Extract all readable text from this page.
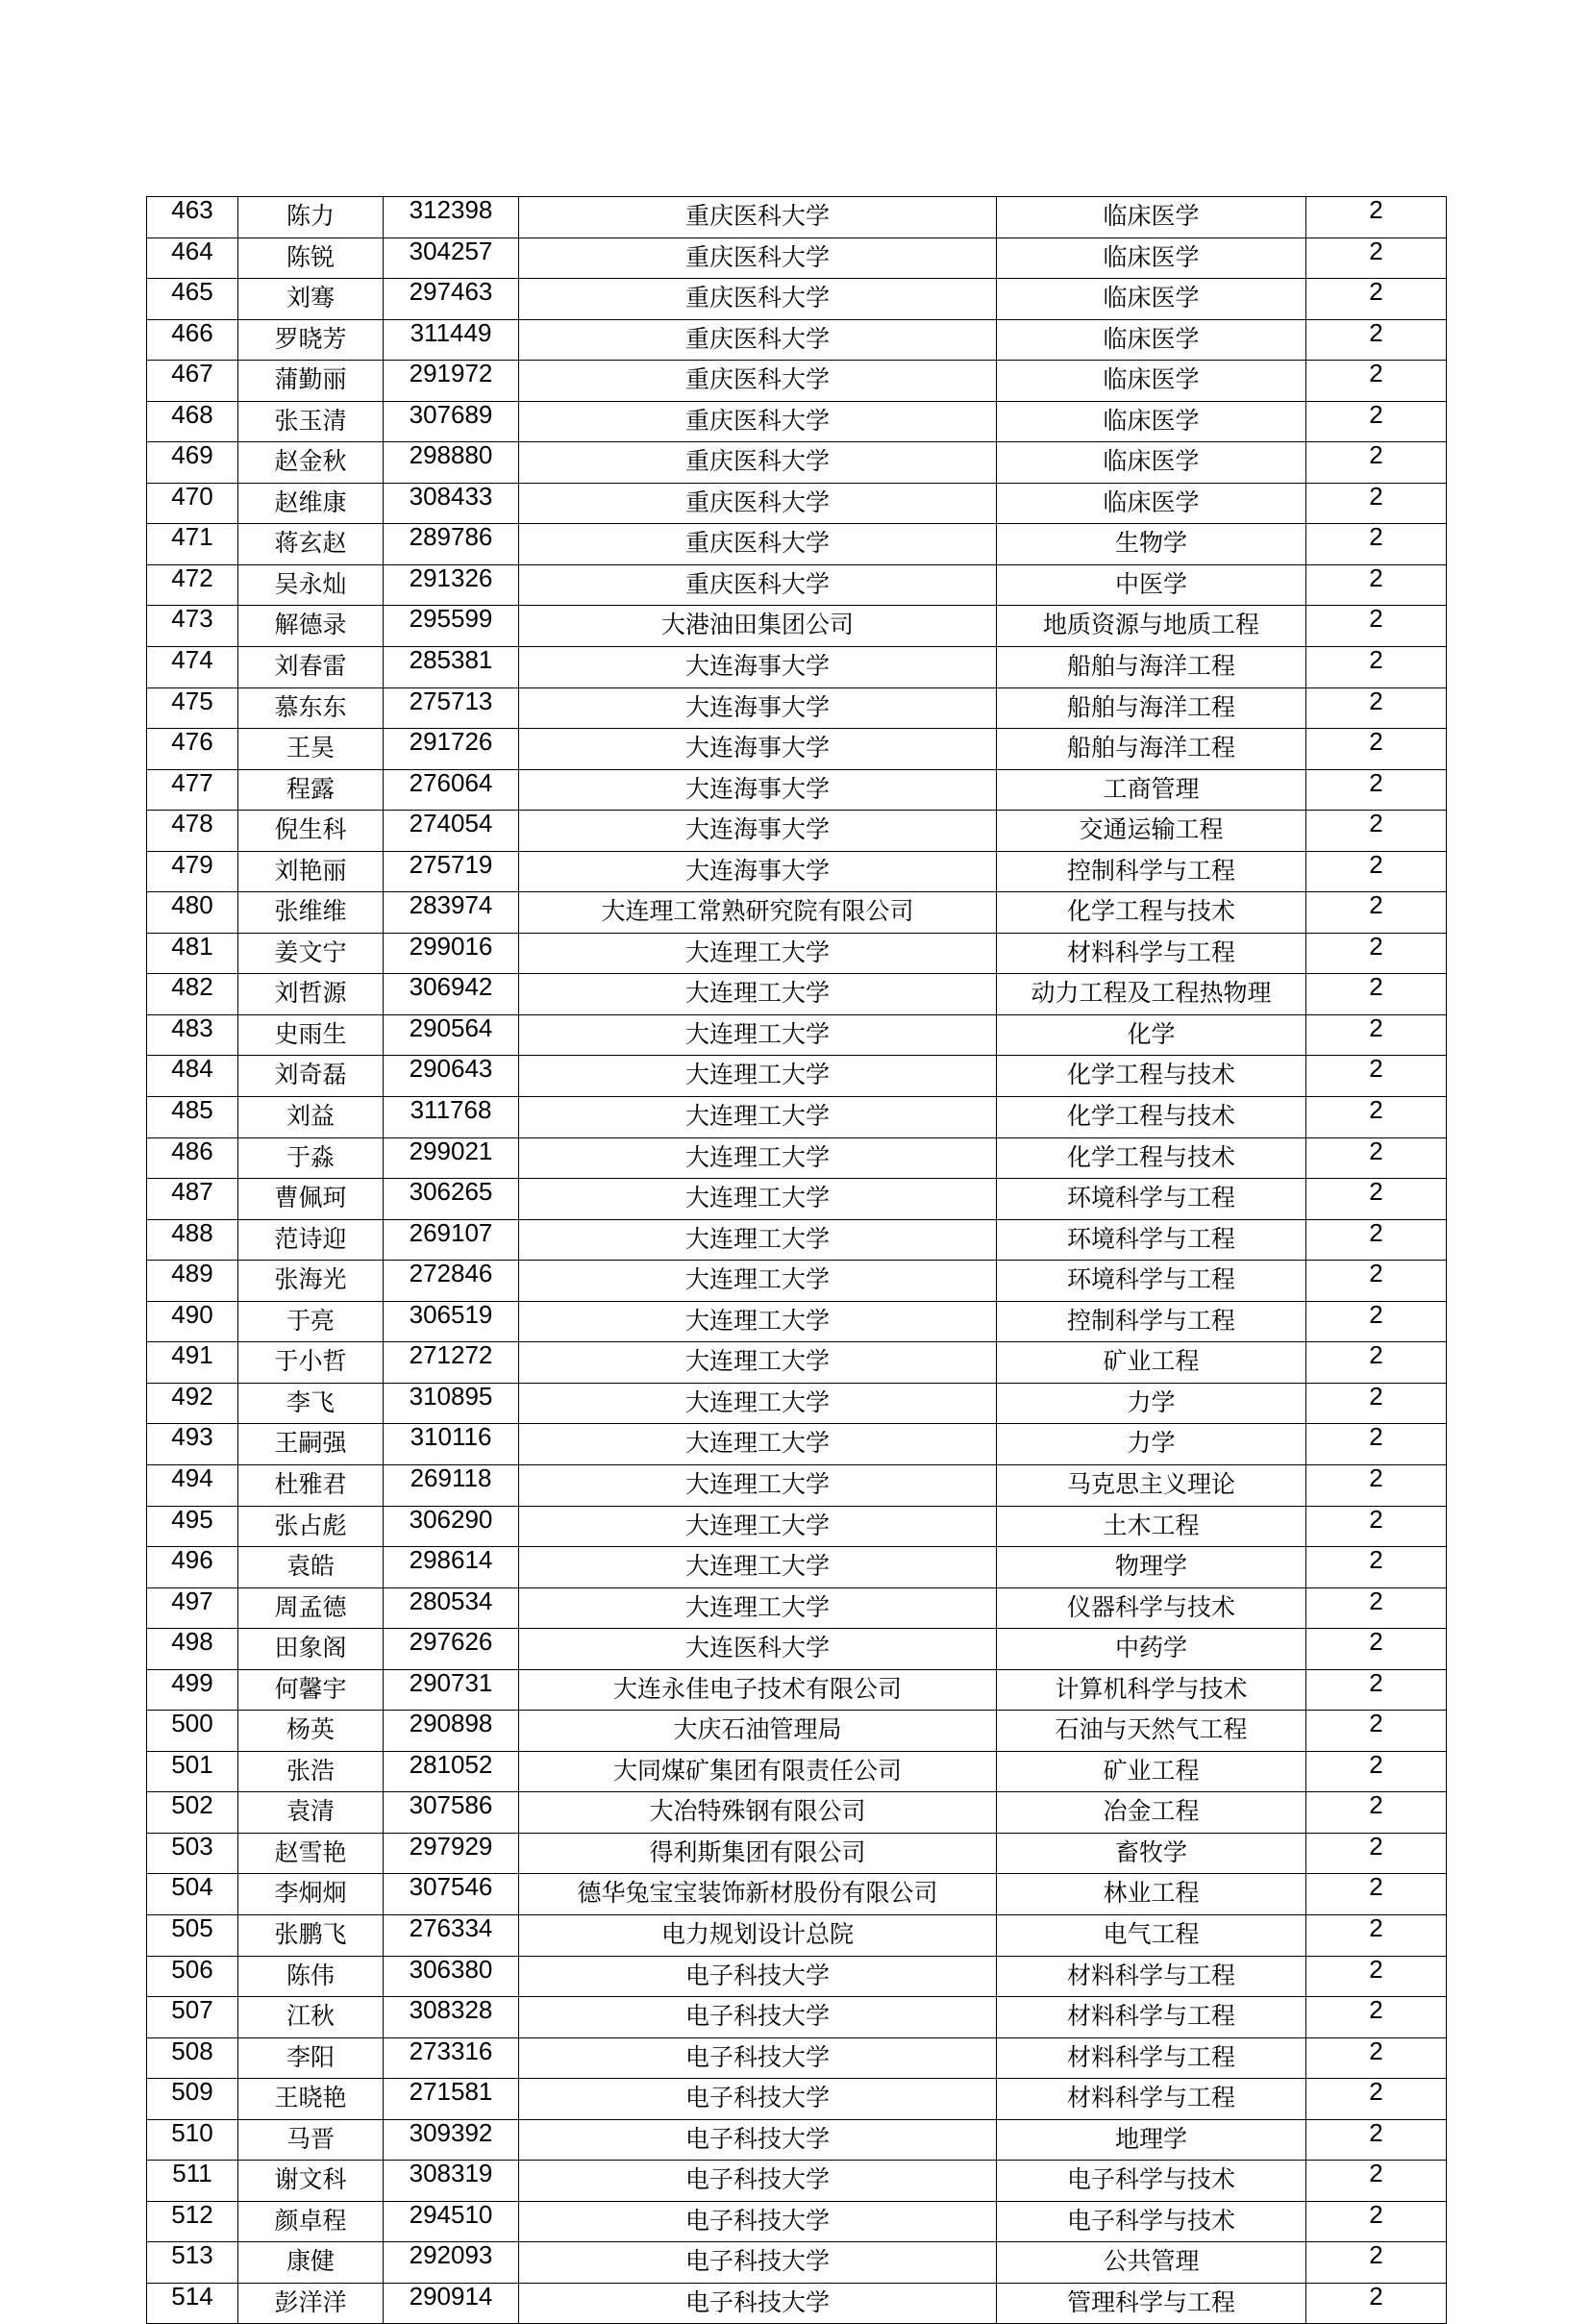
463	陈力	312398	重庆医科大学	临床医学	2
464	陈锐	304257	重庆医科大学	临床医学	2
465	刘骞	297463	重庆医科大学	临床医学	2
466	罗晓芳	311449	重庆医科大学	临床医学	2
467	蒲勤丽	291972	重庆医科大学	临床医学	2
468	张玉清	307689	重庆医科大学	临床医学	2
469	赵金秋	298880	重庆医科大学	临床医学	2
470	赵维康	308433	重庆医科大学	临床医学	2
471	蒋玄赵	289786	重庆医科大学	生物学	2
472	吴永灿	291326	重庆医科大学	中医学	2
473	解德录	295599	大港油田集团公司	地质资源与地质工程	2
474	刘春雷	285381	大连海事大学	船舶与海洋工程	2
475	慕东东	275713	大连海事大学	船舶与海洋工程	2
476	王昊	291726	大连海事大学	船舶与海洋工程	2
477	程露	276064	大连海事大学	工商管理	2
478	倪生科	274054	大连海事大学	交通运输工程	2
479	刘艳丽	275719	大连海事大学	控制科学与工程	2
480	张维维	283974	大连理工常熟研究院有限公司	化学工程与技术	2
481	姜文宁	299016	大连理工大学	材料科学与工程	2
482	刘哲源	306942	大连理工大学	动力工程及工程热物理	2
483	史雨生	290564	大连理工大学	化学	2
484	刘奇磊	290643	大连理工大学	化学工程与技术	2
485	刘益	311768	大连理工大学	化学工程与技术	2
486	于淼	299021	大连理工大学	化学工程与技术	2
487	曹佩珂	306265	大连理工大学	环境科学与工程	2
488	范诗迎	269107	大连理工大学	环境科学与工程	2
489	张海光	272846	大连理工大学	环境科学与工程	2
490	于亮	306519	大连理工大学	控制科学与工程	2
491	于小哲	271272	大连理工大学	矿业工程	2
492	李飞	310895	大连理工大学	力学	2
493	王嗣强	310116	大连理工大学	力学	2
494	杜雅君	269118	大连理工大学	马克思主义理论	2
495	张占彪	306290	大连理工大学	土木工程	2
496	袁皓	298614	大连理工大学	物理学	2
497	周孟德	280534	大连理工大学	仪器科学与技术	2
498	田象阁	297626	大连医科大学	中药学	2
499	何馨宇	290731	大连永佳电子技术有限公司	计算机科学与技术	2
500	杨英	290898	大庆石油管理局	石油与天然气工程	2
501	张浩	281052	大同煤矿集团有限责任公司	矿业工程	2
502	袁清	307586	大冶特殊钢有限公司	冶金工程	2
503	赵雪艳	297929	得利斯集团有限公司	畜牧学	2
504	李炯炯	307546	德华兔宝宝装饰新材股份有限公司	林业工程	2
505	张鹏飞	276334	电力规划设计总院	电气工程	2
506	陈伟	306380	电子科技大学	材料科学与工程	2
507	江秋	308328	电子科技大学	材料科学与工程	2
508	李阳	273316	电子科技大学	材料科学与工程	2
509	王晓艳	271581	电子科技大学	材料科学与工程	2
510	马晋	309392	电子科技大学	地理学	2
511	谢文科	308319	电子科技大学	电子科学与技术	2
512	颜卓程	294510	电子科技大学	电子科学与技术	2
513	康健	292093	电子科技大学	公共管理	2
514	彭洋洋	290914	电子科技大学	管理科学与工程	2
